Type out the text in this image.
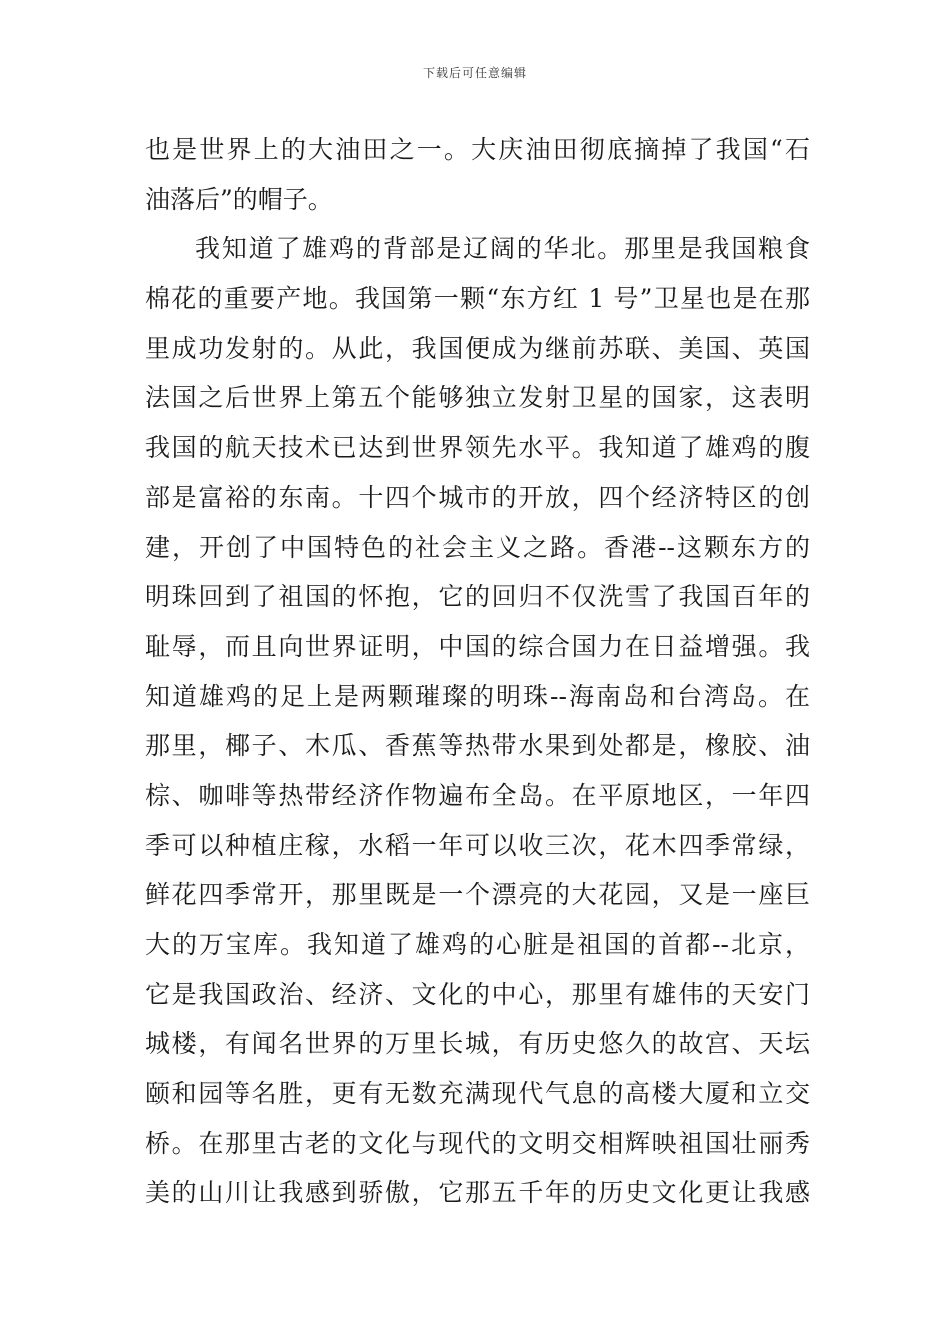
下载后可任意编辑
也是世界上的大油田之一。大庆油田彻底摘掉了我国“石
油落后”的帽子。
我知道了雄鸡的背部是辽阔的华北。那里是我国粮食
棉花的重要产地。我国第一颗“东方红 1 号”卫星也是在那
里成功发射的。从此，我国便成为继前苏联、美国、英国
法国之后世界上第五个能够独立发射卫星的国家，这表明
我国的航天技术已达到世界领先水平。我知道了雄鸡的腹
部是富裕的东南。十四个城市的开放，四个经济特区的创
建，开创了中国特色的社会主义之路。香港--这颗东方的
明珠回到了祖国的怀抱，它的回归不仅洗雪了我国百年的
耻辱，而且向世界证明，中国的综合国力在日益增强。我
知道雄鸡的足上是两颗璀璨的明珠--海南岛和台湾岛。在
那里，椰子、木瓜、香蕉等热带水果到处都是，橡胶、油
棕、咖啡等热带经济作物遍布全岛。在平原地区，一年四
季可以种植庄稼，水稻一年可以收三次，花木四季常绿，
鲜花四季常开，那里既是一个漂亮的大花园，又是一座巨
大的万宝库。我知道了雄鸡的心脏是祖国的首都--北京，
它是我国政治、经济、文化的中心，那里有雄伟的天安门
城楼，有闻名世界的万里长城，有历史悠久的故宫、天坛
颐和园等名胜，更有无数充满现代气息的高楼大厦和立交
桥。在那里古老的文化与现代的文明交相辉映祖国壮丽秀
美的山川让我感到骄傲，它那五千年的历史文化更让我感
